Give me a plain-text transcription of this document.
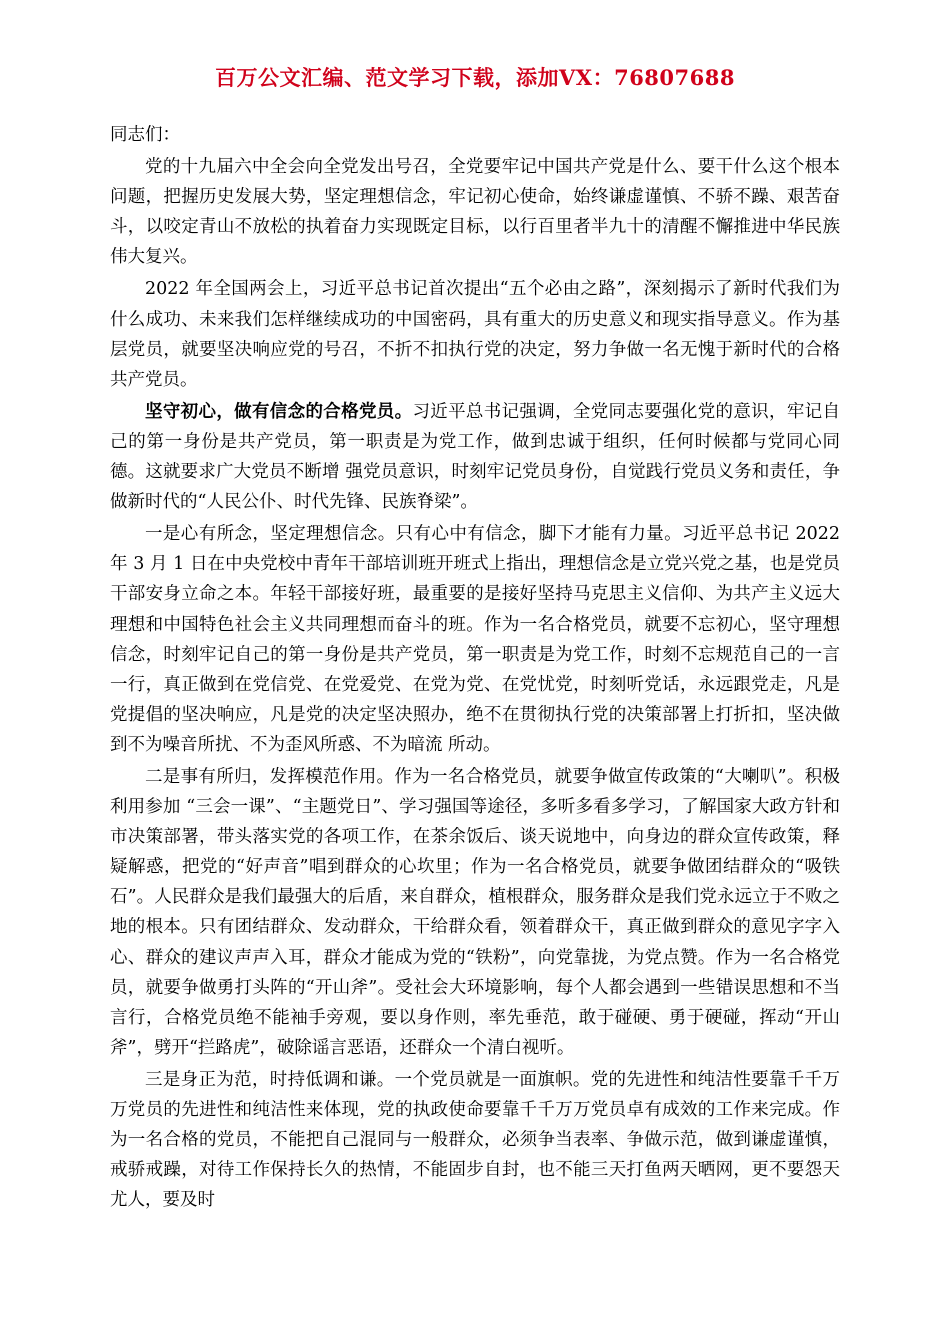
百万公文汇编、范文学习下载，添加VX：76807688

同志们：

党的十九届六中全会向全党发出号召，全党要牢记中国共产党是什么、要干什么这个根本问题，把握历史发展大势，坚定理想信念，牢记初心使命，始终谦虚谨慎、不骄不躁、艰苦奋斗，以咬定青山不放松的执着奋力实现既定目标，以行百里者半九十的清醒不懈推进中华民族伟大复兴。

2022 年全国两会上，习近平总书记首次提出“五个必由之路”，深刻揭示了新时代我们为什么成功、未来我们怎样继续成功的中国密码，具有重大的历史意义和现实指导意义。作为基层党员，就要坚决响应党的号召，不折不扣执行党的决定，努力争做一名无愧于新时代的合格共产党员。

坚守初心，做有信念的合格党员。习近平总书记强调，全党同志要强化党的意识，牢记自己的第一身份是共产党员，第一职责是为党工作，做到忠诚于组织，任何时候都与党同心同德。这就要求广大党员不断增 强党员意识，时刻牢记党员身份，自觉践行党员义务和责任，争做新时代的“人民公仆、时代先锋、民族脊梁”。

一是心有所念，坚定理想信念。只有心中有信念，脚下才能有力量。习近平总书记 2022 年 3 月 1 日在中央党校中青年干部培训班开班式上指出，理想信念是立党兴党之基，也是党员干部安身立命之本。年轻干部接好班，最重要的是接好坚持马克思主义信仰、为共产主义远大理想和中国特色社会主义共同理想而奋斗的班。作为一名合格党员，就要不忘初心，坚守理想信念，时刻牢记自己的第一身份是共产党员，第一职责是为党工作，时刻不忘规范自己的一言一行，真正做到在党信党、在党爱党、在党为党、在党忧党，时刻听党话，永远跟党走，凡是党提倡的坚决响应，凡是党的决定坚决照办，绝不在贯彻执行党的决策部署上打折扣，坚决做到不为噪音所扰、不为歪风所惑、不为暗流 所动。

二是事有所归，发挥模范作用。作为一名合格党员，就要争做宣传政策的“大喇叭”。积极利用参加 “三会一课”、“主题党日”、学习强国等途径，多听多看多学习，了解国家大政方针和市决策部署，带头落实党的各项工作，在茶余饭后、谈天说地中，向身边的群众宣传政策，释疑解惑，把党的“好声音”唱到群众的心坎里；作为一名合格党员，就要争做团结群众的“吸铁石”。人民群众是我们最强大的后盾，来自群众，植根群众，服务群众是我们党永远立于不败之地的根本。只有团结群众、发动群众，干给群众看，领着群众干，真正做到群众的意见字字入心、群众的建议声声入耳，群众才能成为党的“铁粉”，向党靠拢，为党点赞。作为一名合格党员，就要争做勇打头阵的“开山斧”。受社会大环境影响，每个人都会遇到一些错误思想和不当言行，合格党员绝不能袖手旁观，要以身作则，率先垂范，敢于碰硬、勇于硬碰，挥动“开山斧”，劈开“拦路虎”，破除谣言恶语，还群众一个清白视听。

三是身正为范，时持低调和谦。一个党员就是一面旗帜。党的先进性和纯洁性要靠千千万万党员的先进性和纯洁性来体现，党的执政使命要靠千千万万党员卓有成效的工作来完成。作为一名合格的党员，不能把自己混同与一般群众，必须争当表率、争做示范，做到谦虚谨慎，戒骄戒躁，对待工作保持长久的热情，不能固步自封，也不能三天打鱼两天晒网，更不要怨天尤人，要及时
